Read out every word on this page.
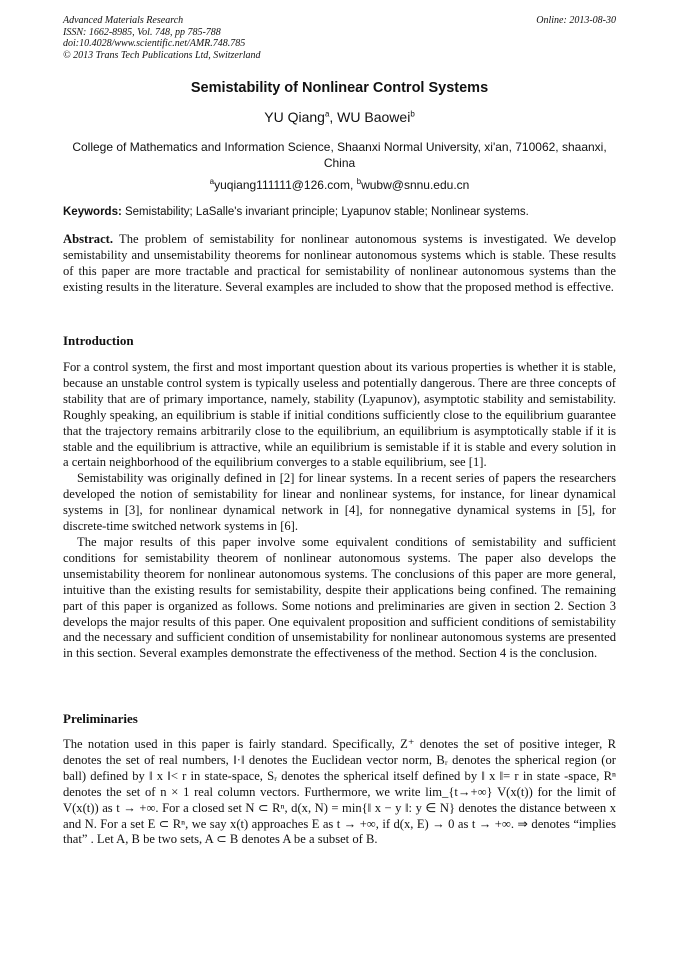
Advanced Materials Research
ISSN: 1662-8985, Vol. 748, pp 785-788
doi:10.4028/www.scientific.net/AMR.748.785
© 2013 Trans Tech Publications Ltd, Switzerland
Online: 2013-08-30
Semistability of Nonlinear Control Systems
YU Qiang$^a$, WU Baowei$^b$
College of Mathematics and Information Science, Shaanxi Normal University, xi'an, 710062, shaanxi, China
$^a$yuqiang111111@126.com, $^b$wubw@snnu.edu.cn
Keywords: Semistability; LaSalle's invariant principle; Lyapunov stable; Nonlinear systems.
Abstract. The problem of semistability for nonlinear autonomous systems is investigated. We develop semistability and unsemistability theorems for nonlinear autonomous systems which is stable. These results of this paper are more tractable and practical for semistability of nonlinear autonomous systems than the existing results in the literature. Several examples are included to show that the proposed method is effective.
Introduction

For a control system, the first and most important question about its various properties is whether it is stable, because an unstable control system is typically useless and potentially dangerous. There are three concepts of stability that are of primary importance, namely, stability (Lyapunov), asymptotic stability and semistability. Roughly speaking, an equilibrium is stable if initial conditions sufficiently close to the equilibrium guarantee that the trajectory remains arbitrarily close to the equilibrium, an equilibrium is asymptotically stable if it is stable and the equilibrium is attractive, while an equilibrium is semistable if it is stable and every solution in a certain neighborhood of the equilibrium converges to a stable equilibrium, see [1].

Semistability was originally defined in [2] for linear systems. In a recent series of papers the researchers developed the notion of semistability for linear and nonlinear systems, for instance, for linear dynamical systems in [3], for nonlinear dynamical network in [4], for nonnegative dynamical systems in [5], for discrete-time switched network systems in [6].

The major results of this paper involve some equivalent conditions of semistability and sufficient conditions for semistability theorem of nonlinear autonomous systems. The paper also develops the unsemistability theorem for nonlinear autonomous systems. The conclusions of this paper are more general, intuitive than the existing results for semistability, despite their applications being confined. The remaining part of this paper is organized as follows. Some notions and preliminaries are given in section 2. Section 3 develops the major results of this paper. One equivalent proposition and sufficient conditions of semistability and the necessary and sufficient condition of unsemistability for nonlinear autonomous systems are presented in this section. Several examples demonstrate the effectiveness of the method. Section 4 is the conclusion.

Preliminaries

The notation used in this paper is fairly standard. Specifically, Z⁺ denotes the set of positive integer, R denotes the set of real numbers, ‖·‖ denotes the Euclidean vector norm, Bᵣ denotes the spherical region (or ball) defined by ‖ x ‖< r in state-space, Sᵣ denotes the spherical itself defined by ‖ x ‖= r in state -space, Rⁿ denotes the set of n × 1 real column vectors. Furthermore, we write lim_{t→+∞} V(x(t)) for the limit of V(x(t)) as t → +∞. For a closed set N ⊂ Rⁿ, d(x, N) = min{‖ x − y ‖: y ∈ N} denotes the distance between x and N. For a set E ⊂ Rⁿ, we say x(t) approaches E as t → +∞, if d(x, E) → 0 as t → +∞. ⇒ denotes “implies that” . Let A, B be two sets, A ⊂ B denotes A be a subset of B.
